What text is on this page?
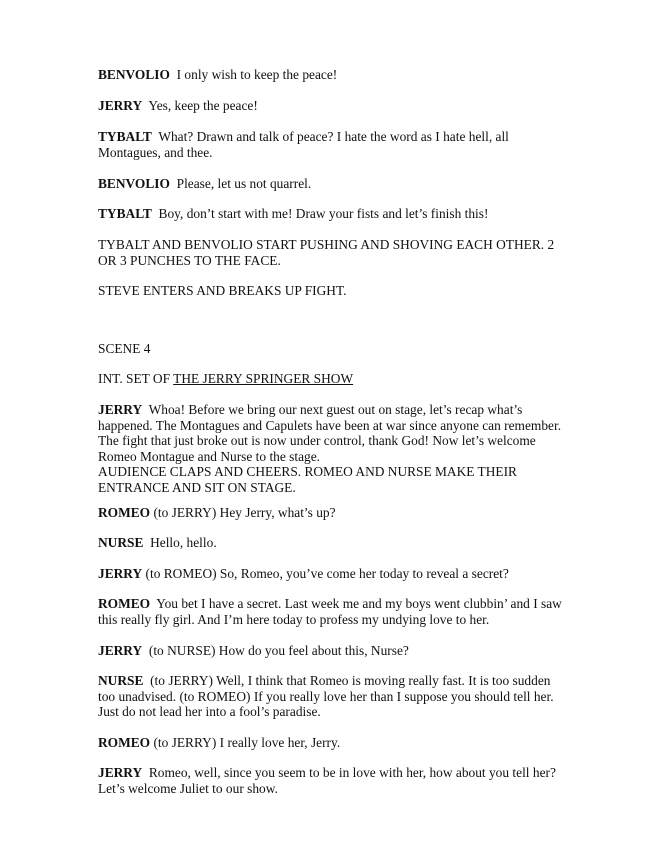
BENVOLIO I only wish to keep the peace!

JERRY Yes, keep the peace!

TYBALT What? Drawn and talk of peace? I hate the word as I hate hell, all Montagues, and thee.

BENVOLIO Please, let us not quarrel.

TYBALT Boy, don’t start with me! Draw your fists and let’s finish this!

TYBALT AND BENVOLIO START PUSHING AND SHOVING EACH OTHER. 2 OR 3 PUNCHES TO THE FACE.

STEVE ENTERS AND BREAKS UP FIGHT.

SCENE 4

INT. SET OF THE JERRY SPRINGER SHOW

JERRY Whoa! Before we bring our next guest out on stage, let’s recap what’s happened. The Montagues and Capulets have been at war since anyone can remember. The fight that just broke out is now under control, thank God! Now let’s welcome Romeo Montague and Nurse to the stage.

AUDIENCE CLAPS AND CHEERS. ROMEO AND NURSE MAKE THEIR ENTRANCE AND SIT ON STAGE.

ROMEO (to JERRY) Hey Jerry, what’s up?

NURSE Hello, hello.

JERRY (to ROMEO) So, Romeo, you’ve come her today to reveal a secret?

ROMEO You bet I have a secret. Last week me and my boys went clubbin’ and I saw this really fly girl. And I’m here today to profess my undying love to her.

JERRY (to NURSE) How do you feel about this, Nurse?

NURSE (to JERRY) Well, I think that Romeo is moving really fast. It is too sudden too unadvised. (to ROMEO) If you really love her than I suppose you should tell her. Just do not lead her into a fool’s paradise.

ROMEO (to JERRY) I really love her, Jerry.

JERRY Romeo, well, since you seem to be in love with her, how about you tell her? Let’s welcome Juliet to our show.
